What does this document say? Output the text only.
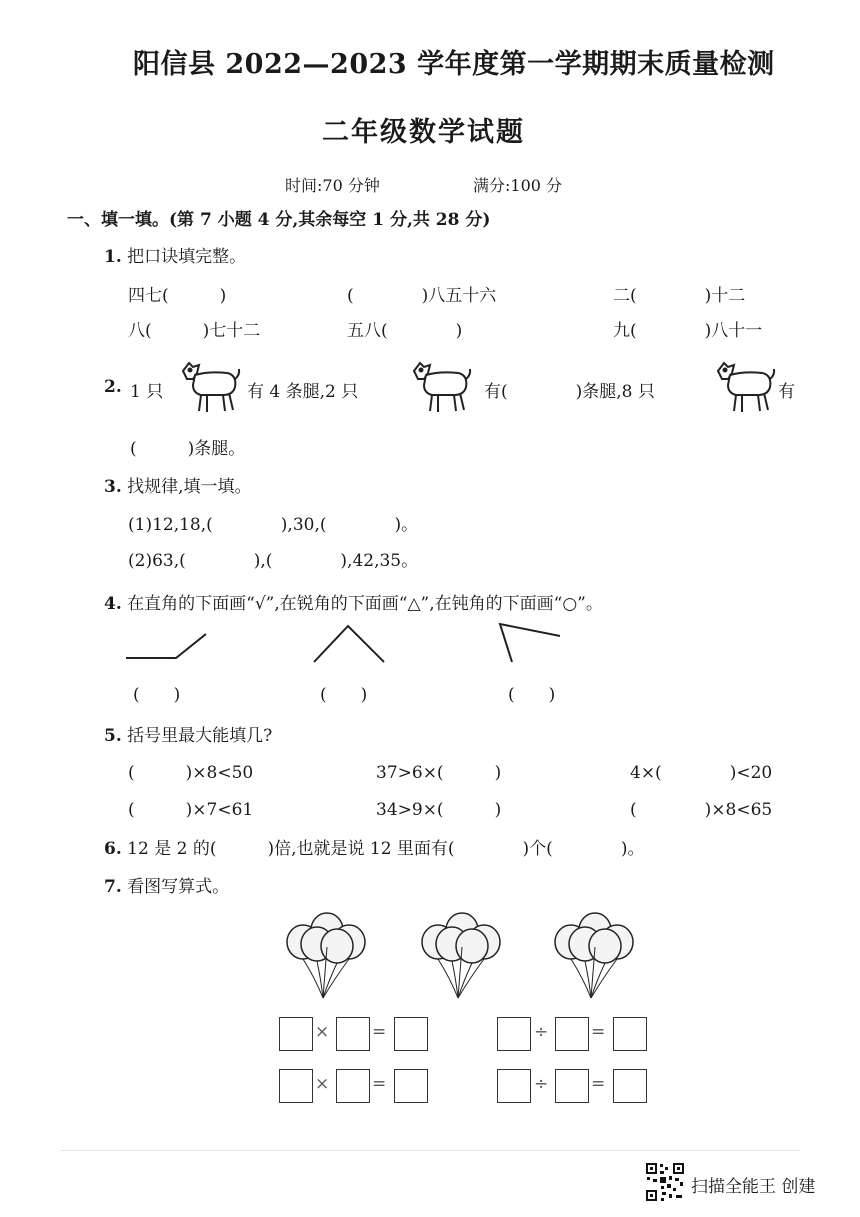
阳信县 2022—2023 学年度第一学期期末质量检测
二年级数学试题
时间:70 分钟	满分:100 分
一、填一填。(第 7 小题 4 分,其余每空 1 分,共 28 分)
1. 把口诀填完整。
四七(　　　)	(　　　　)八五十六	二(　　　　)十二
八(　　　)七十二	五八(　　　　)	九(　　　　)八十一
2. 1 只	有 4 条腿,2 只	有(　　　　)条腿,8 只	有
(　　　)条腿。
3. 找规律,填一填。
(1)12,18,(　　　　),30,(　　　　)。
(2)63,(　　　　),(　　　　),42,35。
4. 在直角的下面画“√”,在锐角的下面画“△”,在钝角的下面画“○”。
(　　)	(　　)	(　　)
5. 括号里最大能填几?
(　　　)×8<50	37>6×(　　　)	4×(　　　　)<20
(　　　)×7<61	34>9×(　　　)	(　　　　)×8<65
6. 12 是 2 的(　　　)倍,也就是说 12 里面有(　　　　)个(　　　　)。
7. 看图写算式。
×	=
×	=
÷	=
÷	=
扫描全能王 创建
